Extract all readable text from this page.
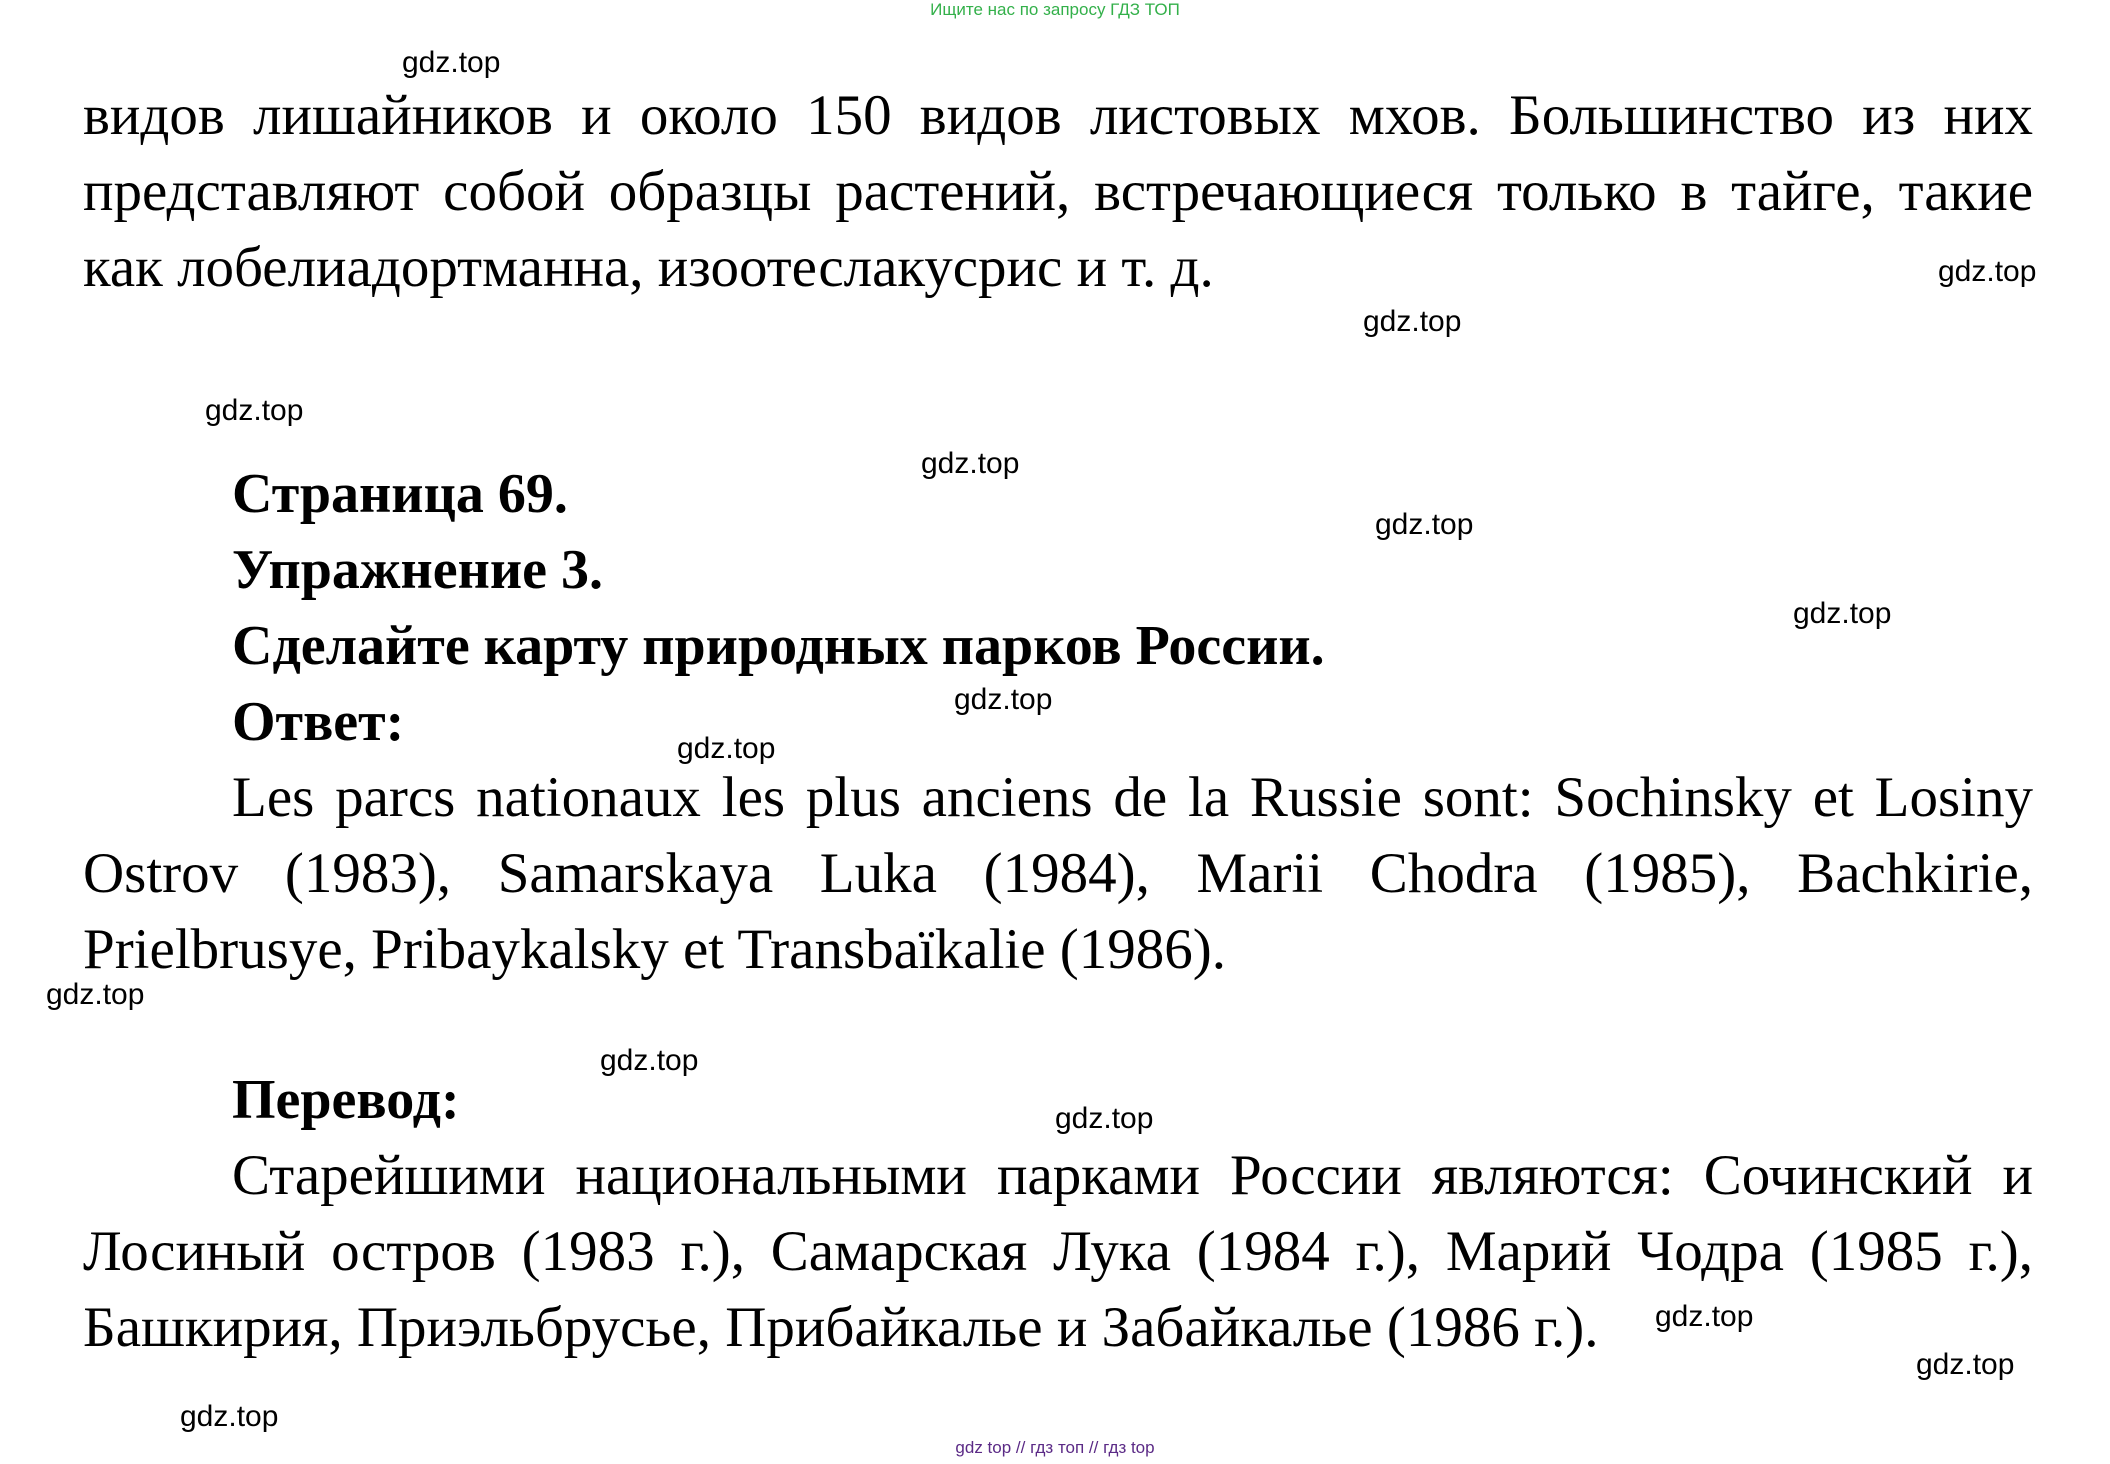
Ищите нас по запросу ГДЗ ТОП

видов лишайников и около 150 видов листовых мхов. Большинство из них представляют собой образцы растений, встречающиеся только в тайге, такие как лобелиадортманна, изоотеслакусрис и т. д.

Страница 69.
Упражнение 3.
Сделайте карту природных парков России.
Ответ:

Les parcs nationaux les plus anciens de la Russie sont: Sochinsky et Losiny Ostrov (1983), Samarskaya Luka (1984), Marii Chodra (1985), Bachkirie, Prielbrusye, Pribaykalsky et Transbaïkalie (1986).

Перевод:

Старейшими национальными парками России являются: Сочинский и Лосиный остров (1983 г.), Самарская Лука (1984 г.), Марий Чодра (1985 г.), Башкирия, Приэльбрусье, Прибайкалье и Забайкалье (1986 г.).

gdz.top
gdz.top
gdz.top
gdz.top
gdz.top
gdz.top
gdz.top
gdz.top
gdz.top
gdz.top
gdz.top
gdz.top
gdz.top
gdz.top
gdz.top
gdz top // гдз топ // гдз top
